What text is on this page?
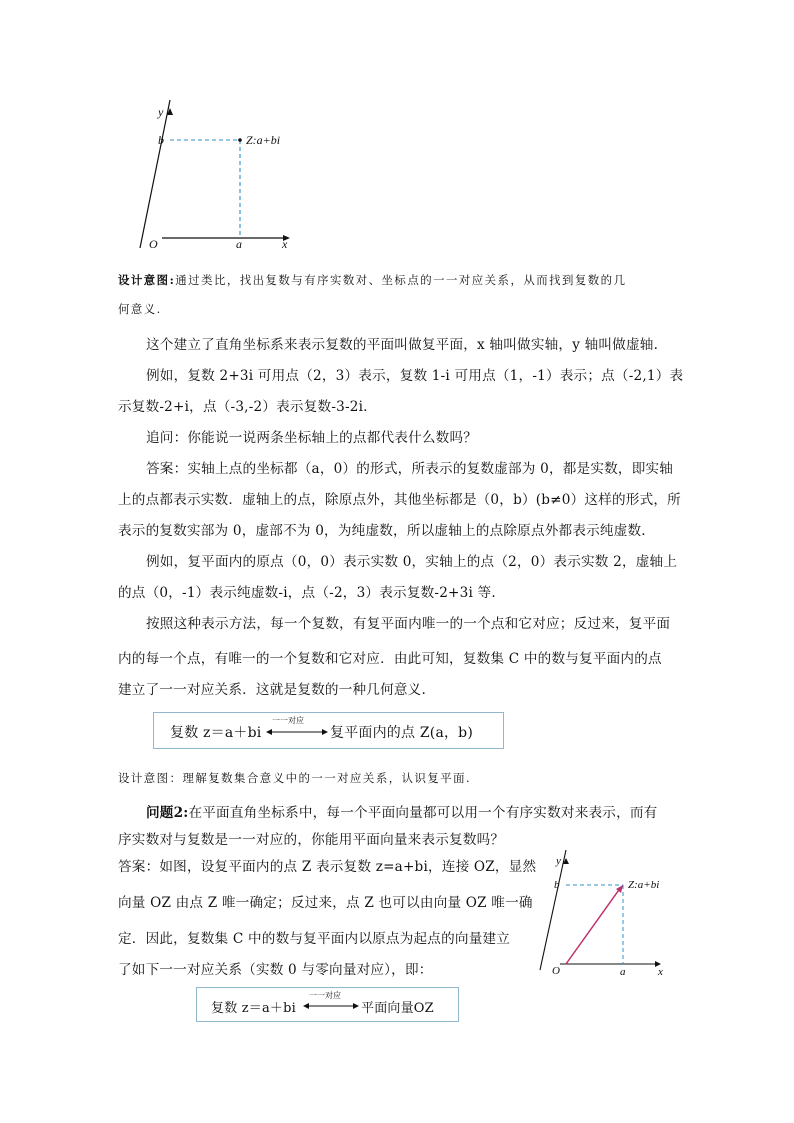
y
b	Z:a+bi
O	a	x
设计意图:通过类比，找出复数与有序实数对、坐标点的一一对应关系，从而找到复数的几
何意义.
这个建立了直角坐标系来表示复数的平面叫做复平面，x 轴叫做实轴，y 轴叫做虚轴.
例如，复数 2+3i 可用点（2，3）表示，复数 1-i 可用点（1，-1）表示；点（-2,1）表
示复数-2+i，点（-3,-2）表示复数-3-2i.
追问：你能说一说两条坐标轴上的点都代表什么数吗？
答案：实轴上点的坐标都（a，0）的形式，所表示的复数虚部为 0，都是实数，即实轴
上的点都表示实数．虚轴上的点，除原点外，其他坐标都是（0，b）(b≠0）这样的形式，所
表示的复数实部为 0，虚部不为 0，为纯虚数，所以虚轴上的点除原点外都表示纯虚数.
例如，复平面内的原点（0，0）表示实数 0，实轴上的点（2，0）表示实数 2，虚轴上
的点（0，-1）表示纯虚数-i，点（-2，3）表示复数-2+3i 等.
按照这种表示方法，每一个复数，有复平面内唯一的一个点和它对应；反过来，复平面
内的每一个点，有唯一的一个复数和它对应．由此可知，复数集 C 中的数与复平面内的点
建立了一一对应关系．这就是复数的一种几何意义.
复数 z＝a＋bi
一一对应
复平面内的点 Z(a，b)
设计意图：理解复数集合意义中的一一对应关系，认识复平面.
问题2:在平面直角坐标系中，每一个平面向量都可以用一个有序实数对来表示，而有
序实数对与复数是一一对应的，你能用平面向量来表示复数吗？
答案：如图，设复平面内的点 Z 表示复数 z=a+bi，连接 OZ，显然
向量 OZ 由点 Z 唯一确定；反过来，点 Z 也可以由向量 OZ 唯一确
定．因此，复数集 C 中的数与复平面内以原点为起点的向量建立
了如下一一对应关系（实数 0 与零向量对应），即：
y
b	Z:a+bi
O	a	x
复数 z＝a＋bi
一一对应
平面向量OZ
